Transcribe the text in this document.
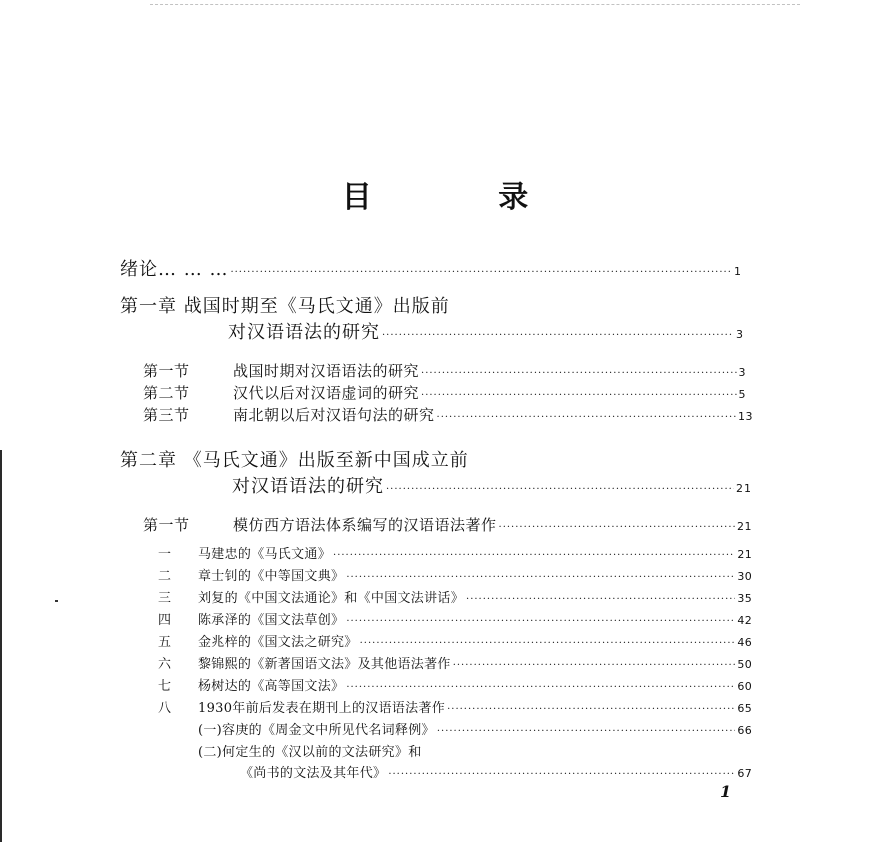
目 录
绪论… … … ·····	1
第一章 战国时期至《马氏文通》出版前
对汉语语法的研究 ·····	3
第一节	战国时期对汉语语法的研究 ·····	3
第二节	汉代以后对汉语虚词的研究 ·····	5
第三节	南北朝以后对汉语句法的研究 ·····	13
第二章 《马氏文通》出版至新中国成立前
对汉语语法的研究 ·····	21
第一节	模仿西方语法体系编写的汉语语法著作 ·····	21
一	马建忠的《马氏文通》 ·····	21
二	章士钊的《中等国文典》 ·····	30
三	刘复的《中国文法通论》和《中国文法讲话》 ·····	35
四	陈承泽的《国文法草创》 ·····	42
五	金兆梓的《国文法之研究》 ·····	46
六	黎锦熙的《新著国语文法》及其他语法著作 ·····	50
七	杨树达的《高等国文法》 ·····	60
八	1930年前后发表在期刊上的汉语语法著作 ·····	65
(一)容庚的《周金文中所见代名词释例》 ·····	66
(二)何定生的《汉以前的文法研究》和
《尚书的文法及其年代》 ·····	67
1
